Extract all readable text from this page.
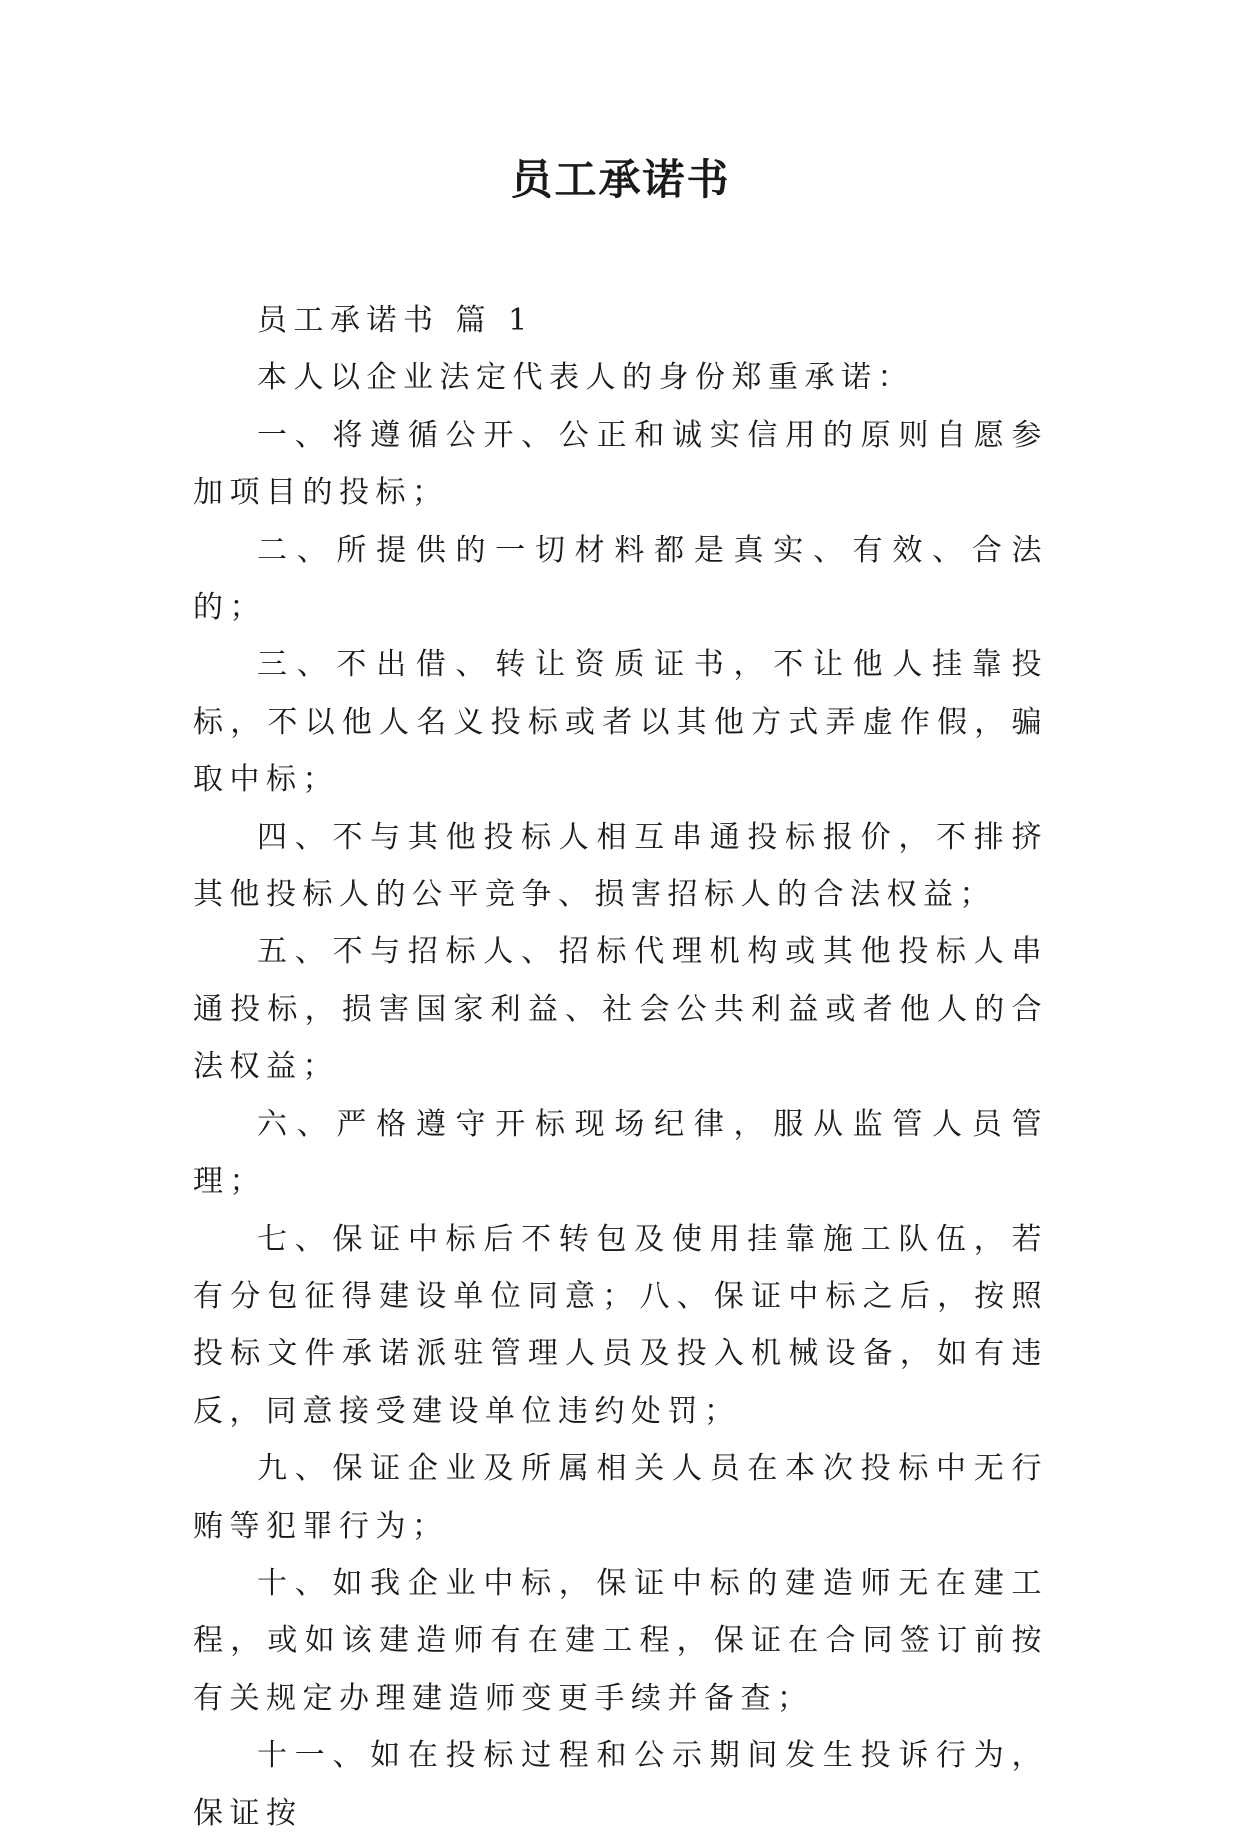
员工承诺书

员工承诺书 篇 1

本人以企业法定代表人的身份郑重承诺：

一、将遵循公开、公正和诚实信用的原则自愿参加项目的投标；

二、所提供的一切材料都是真实、有效、合法的；

三、不出借、转让资质证书，不让他人挂靠投标，不以他人名义投标或者以其他方式弄虚作假，骗取中标；

四、不与其他投标人相互串通投标报价，不排挤其他投标人的公平竞争、损害招标人的合法权益；

五、不与招标人、招标代理机构或其他投标人串通投标，损害国家利益、社会公共利益或者他人的合法权益；

六、严格遵守开标现场纪律，服从监管人员管理；

七、保证中标后不转包及使用挂靠施工队伍，若有分包征得建设单位同意；八、保证中标之后，按照投标文件承诺派驻管理人员及投入机械设备，如有违反，同意接受建设单位违约处罚；

九、保证企业及所属相关人员在本次投标中无行贿等犯罪行为；

十、如我企业中标，保证中标的建造师无在建工程，或如该建造师有在建工程，保证在合同签订前按有关规定办理建造师变更手续并备查；

十一、如在投标过程和公示期间发生投诉行为，保证按
